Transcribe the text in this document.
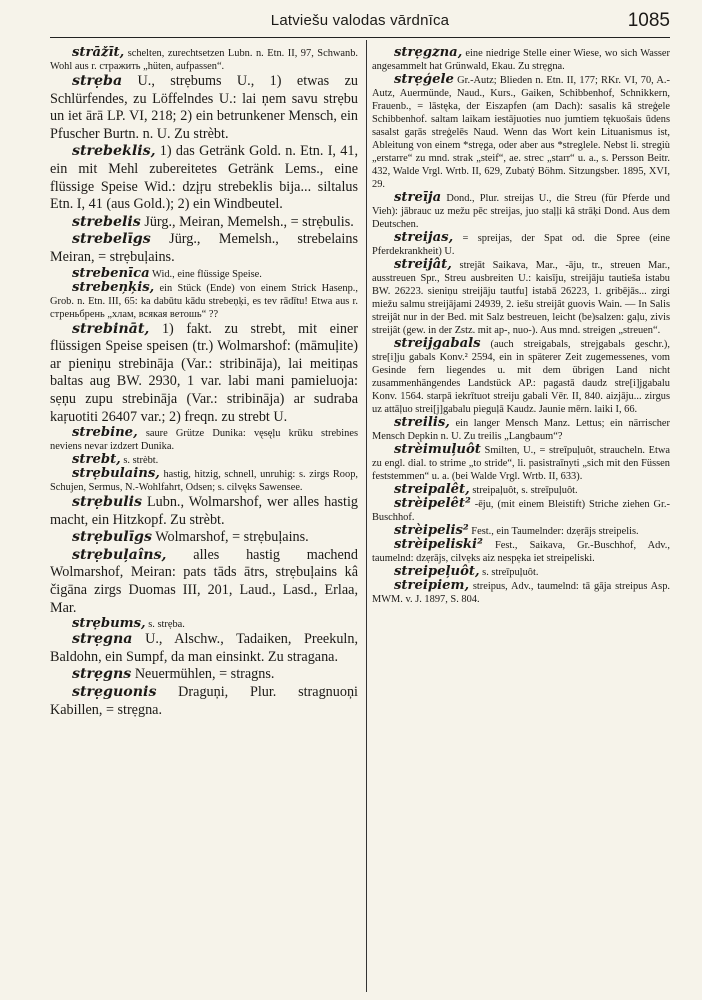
Latviešu valodas vārdnīca	1085

strāžīt, schelten, zurechtsetzen Lubn. n. Etn. II, 97, Schwanb. Wohl aus r. стражить „hüten, aufpassen“.

strẹba U., strẹbums U., 1) etwas zu Schlürfendes, zu Löffelndes U.: lai ņem savu strẹbu un iet ārā LP. VI, 218; 2) ein betrunkener Mensch, ein Pfuscher Burtn. n. U. Zu strèbt.

strebeklis, 1) das Getränk Gold. n. Etn. I, 41, ein mit Mehl zubereitetes Getränk Lems., eine flüssige Speise Wid.: dzįŗu strebeklis bija... siltalus Etn. I, 41 (aus Gold.); 2) ein Windbeutel.

strebelis Jürg., Meiran, Memelsh., = strẹbulis.

strebelīgs Jürg., Memelsh., strebelains Meiran, = strẹbuļains.

strebenīca Wid., eine flüssige Speise.

strebeņķis, ein Stück (Ende) von einem Strick Hasenp., Grob. n. Etn. III, 65: ka dabūtu kādu strebeņķi, es tev rādītu! Etwa aus r. стреньбрень „хлам, всякая ветошь“ ??

strebināt, 1) fakt. zu strebt, mit einer flüssigen Speise speisen (tr.) Wolmarshof: (māmuļite) ar pieniņu strebināja (Var.: stribināja), lai meitiņas baltas aug BW. 2930, 1 var. labi mani pamieluoja: sẹņu zupu strebināja (Var.: stribināja) ar sudraba kaŗuotiti 26407 var.; 2) freqn. zu strebt U.

strebine, saure Grütze Dunika: vęsęļu krūku strebines neviens nevar izdzert Dunika.

strebt, s. strèbt.

strẹbulains, hastig, hitzig, schnell, unruhig: s. zirgs Roop, Schujen, Sermus, N.-Wohlfahrt, Odsen; s. cilvęks Sawensee.

strẹbulis Lubn., Wolmarshof, wer alles hastig macht, ein Hitzkopf. Zu strèbt.

strẹbulīgs Wolmarshof, = strẹbuļains.

strẹbuļaîns, alles hastig machend Wolmarshof, Meiran: pats tāds ātrs, strẹbuļains kâ čigāna zirgs Duomas III, 201, Laud., Lasd., Erlaa, Mar.

strẹbums, s. strẹba.

strẹgna U., Alschw., Tadaiken, Preekuln, Baldohn, ein Sumpf, da man einsinkt. Zu stragana.

strẹgns Neuermühlen, = stragns.

strẹguonis Draguņi, Plur. stragnuoņi Kabillen, = strẹgna.

strẹgzna, eine niedrige Stelle einer Wiese, wo sich Wasser angesammelt hat Grünwald, Ekau. Zu strẹgna.

strẹģele Gr.-Autz; Blieden n. Etn. II, 177; RKr. VI, 70, A.-Autz, Auermünde, Naud., Kurs., Gaiken, Schibbenhof, Schnikkern, Frauenb., = lāstęka, der Eiszapfen (am Dach): sasalis kâ streģele Schibbenhof. saltam laikam iestājuoties nuo jumtiem tękuošais ūdens sasalst gaŗās streģelēs Naud. Wenn das Wort kein Lituanismus ist, Ableitung von einem *strẹga, oder aber aus *streglele. Nebst li. stregiù „erstarre“ zu mnd. strak „steif“, ae. strec „starr“ u. a., s. Persson Beitr. 432, Walde Vrgl. Wrtb. II, 629, Zubatý Böhm. Sitzungsber. 1895, XVI, 29.

streīja Dond., Plur. streijas U., die Streu (für Pferde und Vieh): jābrauc uz mežu pēc streijas, juo staļļi kâ strāķi Dond. Aus dem Deutschen.

streijas, = spreijas, der Spat od. die Spree (eine Pferdekrankheit) U.

streijât, strejāt Saikava, Mar., -āju, tr., streuen Mar., ausstreuen Spr., Streu ausbreiten U.: kaisīju, streijāju tautieša istabu BW. 26223. sieniņu streijāju tautfu] istabā 26223, 1. gribējās... zirgi miežu salmu streijājami 24939, 2. iešu streijât guovis Wain. — In Salis streijât nur in der Bed. mit Salz bestreuen, leicht (be)salzen: gaļu, zivis streijât (gew. in der Zstz. mit ap-, nuo-). Aus mnd. streigen „streuen“.

streijgabals (auch streigabals, strejgabals geschr.), stre[i]ju gabals Konv.² 2594, ein in späterer Zeit zugemessenes, vom Gesinde fern liegendes u. mit dem übrigen Land nicht zusammenhängendes Landstück AP.: pagastā daudz stre[i]jgabalu Konv. 1564. starpā iekrītuot streiju gabali Vēr. II, 840. aizjāju... zirgus uz attāļuo strei[j]gabalu pieguļā Kaudz. Jaunie mērn. laiki I, 66.

streilis, ein langer Mensch Manz. Lettus; ein närrischer Mensch Depkin n. U. Zu treilis „Langbaum“?

strèimuļuôt Smilten, U., = streīpuļuôt, straucheln. Etwa zu engl. dial. to strime „to stride“, li. pasistraīnyti „sich mit den Füssen feststemmen“ u. a. (bei Walde Vrgl. Wrtb. II, 633).

streipalêt, streipaļuôt, s. streīpuļuôt.

strèipelêt² -ēju, (mit einem Bleistift) Striche ziehen Gr.-Buschhof.

strèipelis² Fest., ein Taumelnder: dzẹrājs streipelis.

strèipeliski² Fest., Saikava, Gr.-Buschhof, Adv., taumelnd: dzẹrājs, cilvẹks aiz nespẹka iet streipeliski.

streipeļuôt, s. streīpuļuôt.

streipiem, streipus, Adv., taumelnd: tā gāja streipus Asp. MWM. v. J. 1897, S. 804.
